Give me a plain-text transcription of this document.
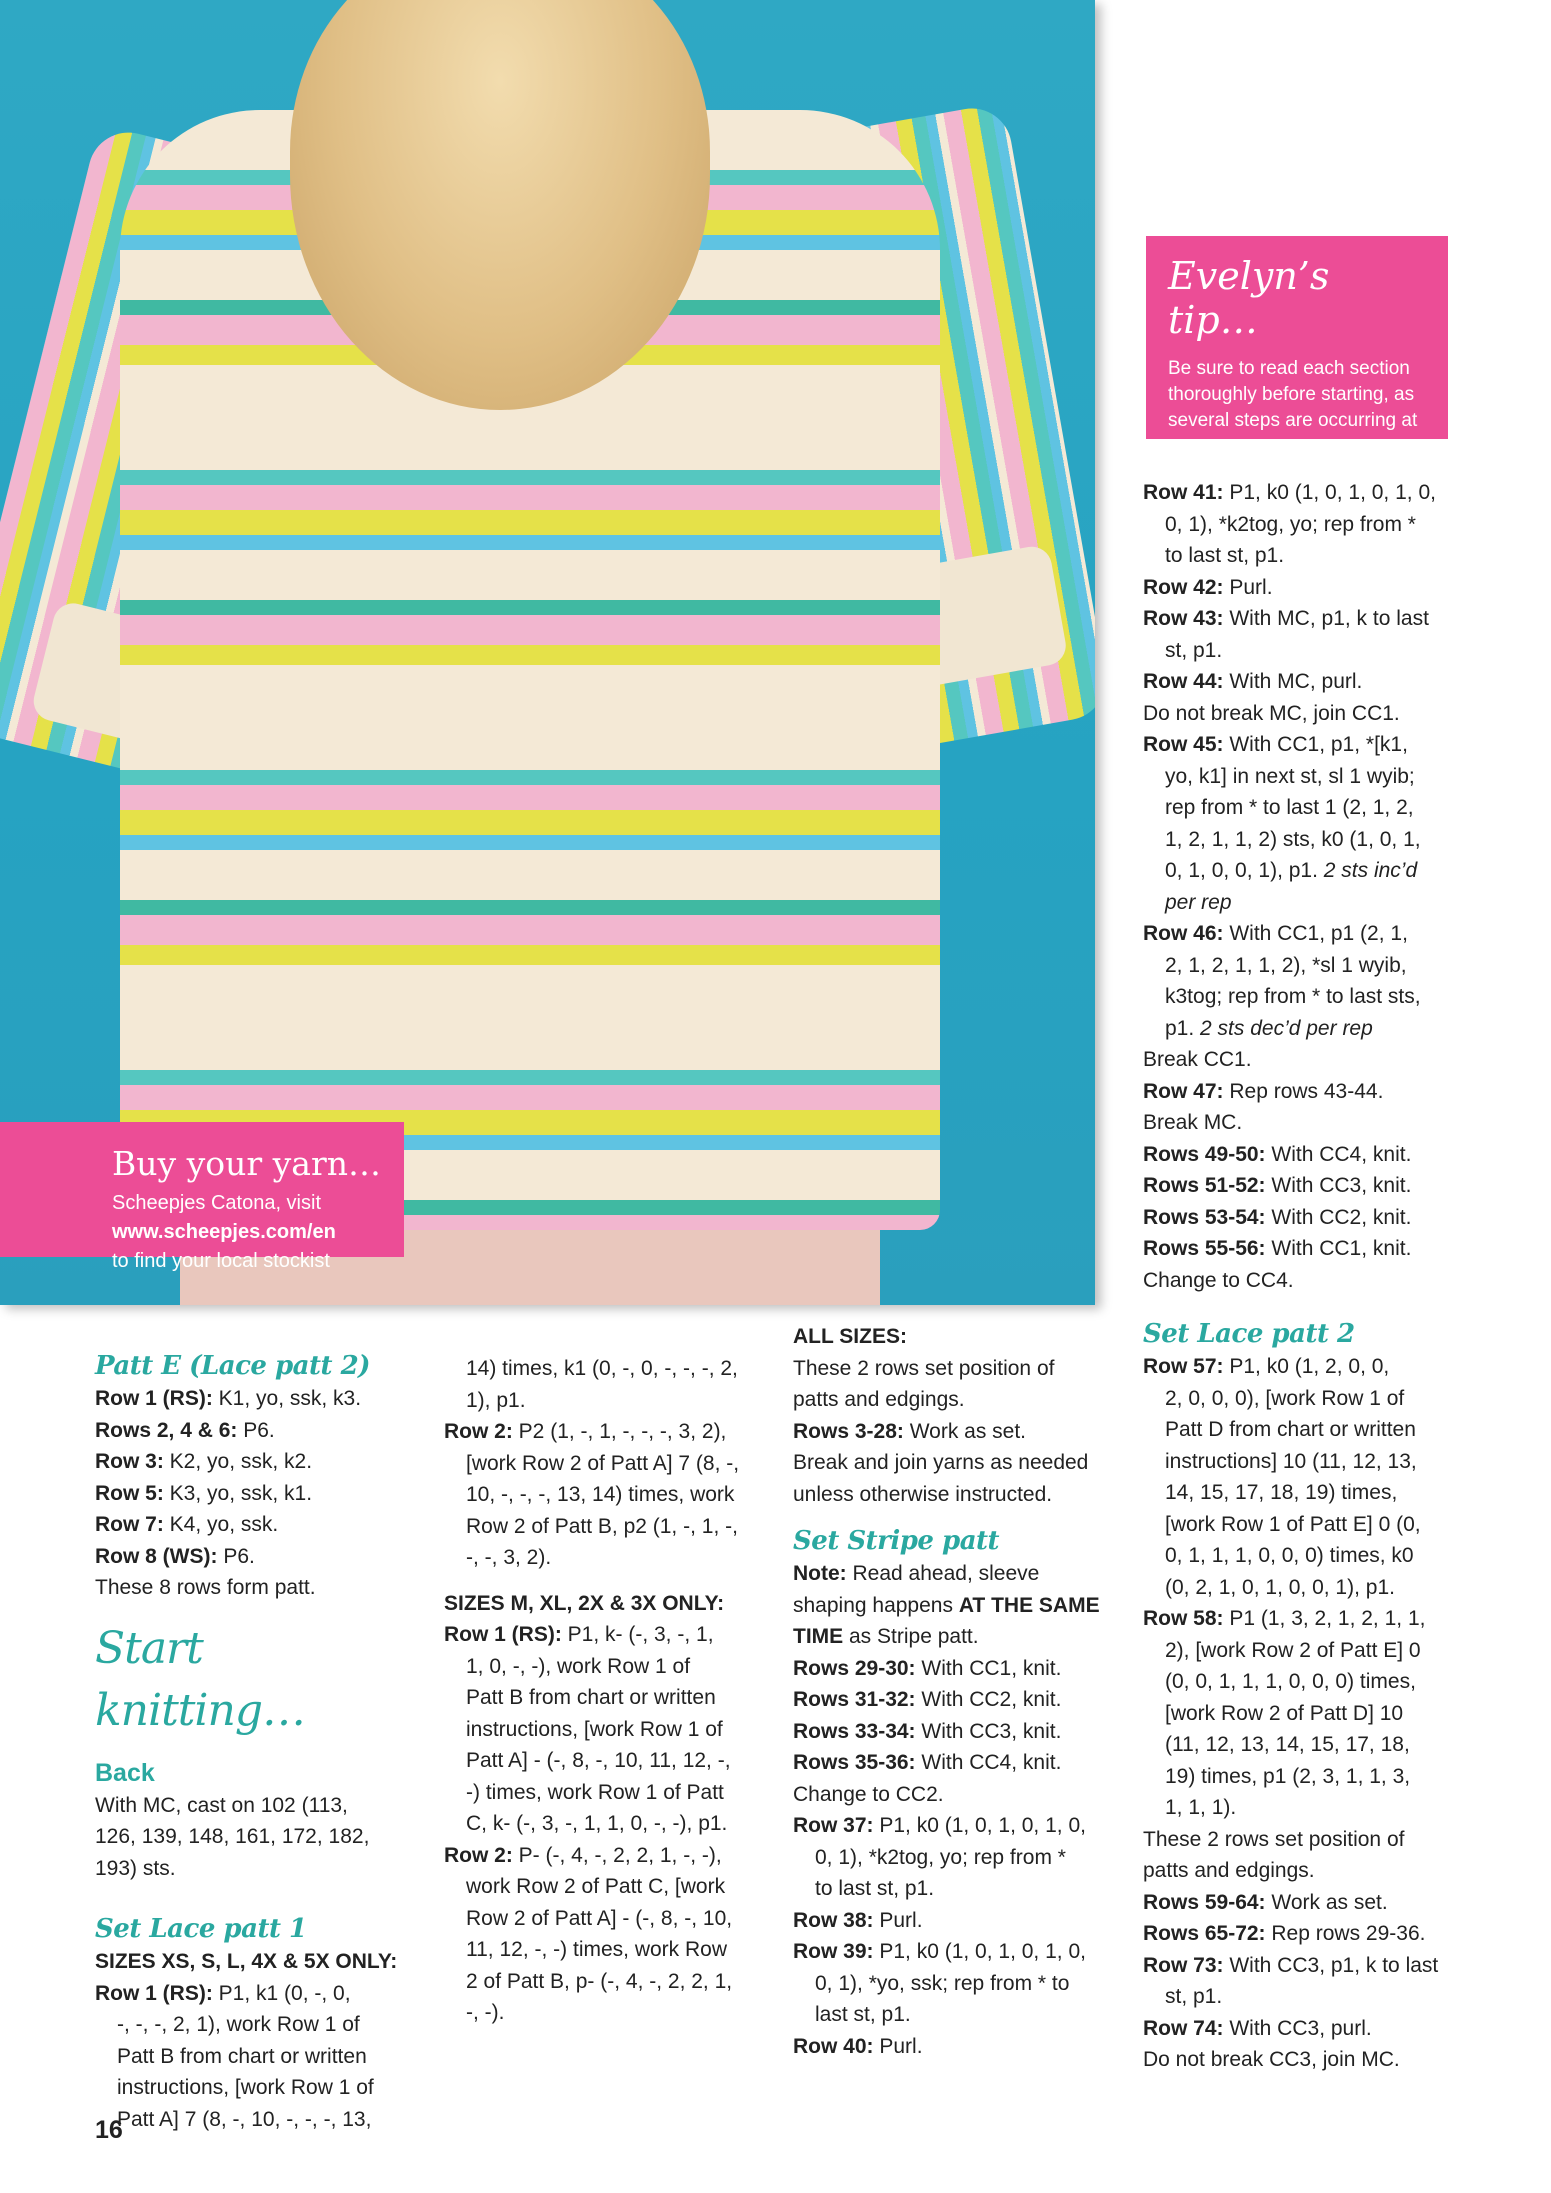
Buy your yarn…
Scheepjes Catona, visit
www.scheepjes.com/en
to find your local stockist
Evelyn’s tip…
Be sure to read each section thoroughly before starting, as several steps are occurring at once

Row 41: P1, k0 (1, 0, 1, 0, 1, 0,

0, 1), *k2tog, yo; rep from *

to last st, p1.

Row 42: Purl.

Row 43: With MC, p1, k to last

st, p1.

Row 44: With MC, purl.

Do not break MC, join CC1.

Row 45: With CC1, p1, *[k1,

yo, k1] in next st, sl 1 wyib;

rep from * to last 1 (2, 1, 2,

1, 2, 1, 1, 2) sts, k0 (1, 0, 1,

0, 1, 0, 0, 1), p1. 2 sts inc’d

per rep

Row 46: With CC1, p1 (2, 1,

2, 1, 2, 1, 1, 2), *sl 1 wyib,

k3tog; rep from * to last sts,

p1. 2 sts dec’d per rep

Break CC1.

Row 47: Rep rows 43-44.

Break MC.

Rows 49-50: With CC4, knit.

Rows 51-52: With CC3, knit.

Rows 53-54: With CC2, knit.

Rows 55-56: With CC1, knit.

Change to CC4.

Patt E (Lace patt 2)

Row 1 (RS): K1, yo, ssk, k3.

Rows 2, 4 & 6: P6.

Row 3: K2, yo, ssk, k2.

Row 5: K3, yo, ssk, k1.

Row 7: K4, yo, ssk.

Row 8 (WS): P6.

These 8 rows form patt.

Start knitting…

Back

With MC, cast on 102 (113,

126, 139, 148, 161, 172, 182,

193) sts.

Set Lace patt 1

SIZES XS, S, L, 4X & 5X ONLY:

Row 1 (RS): P1, k1 (0, -, 0,

-, -, -, 2, 1), work Row 1 of

Patt B from chart or written

instructions, [work Row 1 of

Patt A] 7 (8, -, 10, -, -, -, 13,

14) times, k1 (0, -, 0, -, -, -, 2,

1), p1.

Row 2: P2 (1, -, 1, -, -, -, 3, 2),

[work Row 2 of Patt A] 7 (8, -,

10, -, -, -, 13, 14) times, work

Row 2 of Patt B, p2 (1, -, 1, -,

-, -, 3, 2).

SIZES M, XL, 2X & 3X ONLY:

Row 1 (RS): P1, k- (-, 3, -, 1,

1, 0, -, -), work Row 1 of

Patt B from chart or written

instructions, [work Row 1 of

Patt A] - (-, 8, -, 10, 11, 12, -,

-) times, work Row 1 of Patt

C, k- (-, 3, -, 1, 1, 0, -, -), p1.

Row 2: P- (-, 4, -, 2, 2, 1, -, -),

work Row 2 of Patt C, [work

Row 2 of Patt A] - (-, 8, -, 10,

11, 12, -, -) times, work Row

2 of Patt B, p- (-, 4, -, 2, 2, 1,

-, -).

ALL SIZES:

These 2 rows set position of

patts and edgings.

Rows 3-28: Work as set.

Break and join yarns as needed

unless otherwise instructed.

Set Stripe patt

Note: Read ahead, sleeve

shaping happens AT THE SAME

TIME as Stripe patt.

Rows 29-30: With CC1, knit.

Rows 31-32: With CC2, knit.

Rows 33-34: With CC3, knit.

Rows 35-36: With CC4, knit.

Change to CC2.

Row 37: P1, k0 (1, 0, 1, 0, 1, 0,

0, 1), *k2tog, yo; rep from *

to last st, p1.

Row 38: Purl.

Row 39: P1, k0 (1, 0, 1, 0, 1, 0,

0, 1), *yo, ssk; rep from * to

last st, p1.

Row 40: Purl.

Set Lace patt 2

Row 57: P1, k0 (1, 2, 0, 0,

2, 0, 0, 0), [work Row 1 of

Patt D from chart or written

instructions] 10 (11, 12, 13,

14, 15, 17, 18, 19) times,

[work Row 1 of Patt E] 0 (0,

0, 1, 1, 1, 0, 0, 0) times, k0

(0, 2, 1, 0, 1, 0, 0, 1), p1.

Row 58: P1 (1, 3, 2, 1, 2, 1, 1,

2), [work Row 2 of Patt E] 0

(0, 0, 1, 1, 1, 0, 0, 0) times,

[work Row 2 of Patt D] 10

(11, 12, 13, 14, 15, 17, 18,

19) times, p1 (2, 3, 1, 1, 3,

1, 1, 1).

These 2 rows set position of

patts and edgings.

Rows 59-64: Work as set.

Rows 65-72: Rep rows 29-36.

Row 73: With CC3, p1, k to last

st, p1.

Row 74: With CC3, purl.

Do not break CC3, join MC.

16
